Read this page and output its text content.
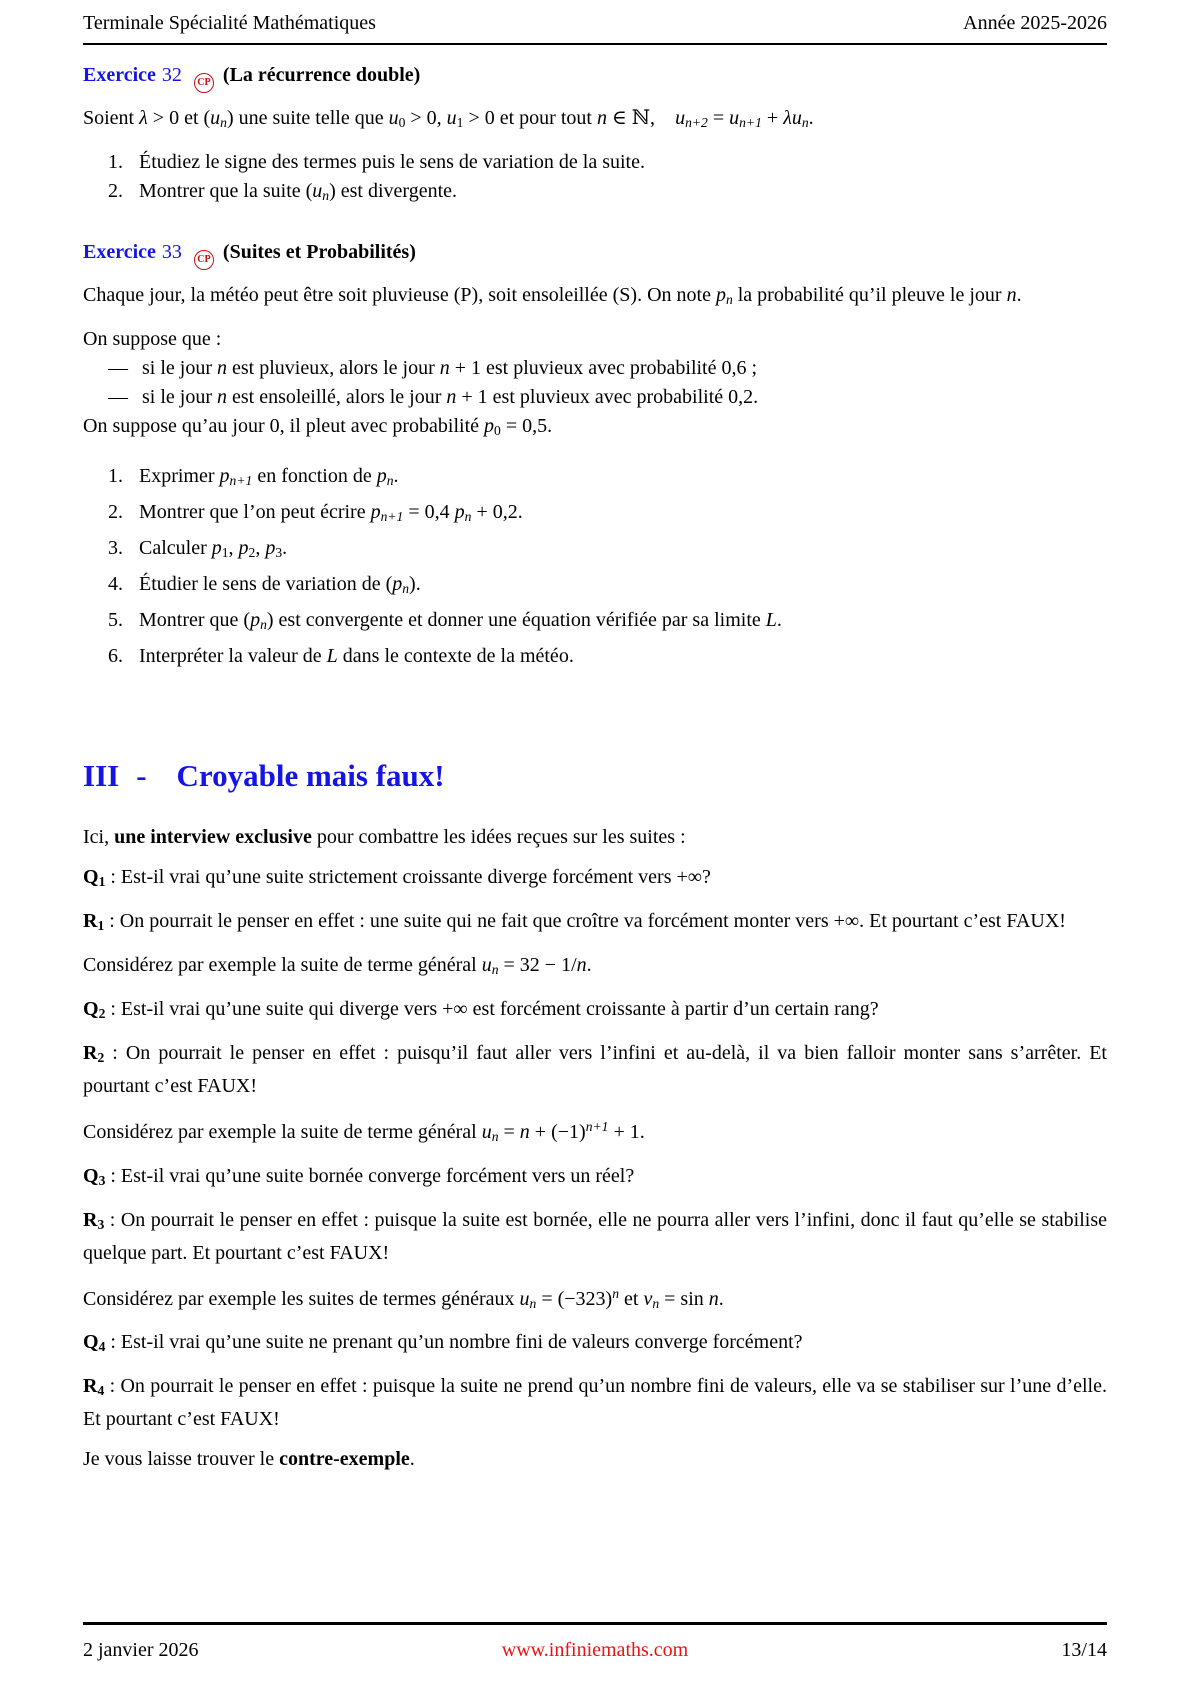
Terminale Spécialité Mathématiques	Année 2025-2026
Exercice 32 CP (La récurrence double)

Soient λ > 0 et (un) une suite telle que u0 > 0, u1 > 0 et pour tout n ∈ ℕ, un+2 = un+1 + λun.

1. Étudiez le signe des termes puis le sens de variation de la suite.
2. Montrer que la suite (un) est divergente.
Exercice 33 CP (Suites et Probabilités)

Chaque jour, la météo peut être soit pluvieuse (P), soit ensoleillée (S). On note pn la probabilité qu’il pleuve le jour n.

On suppose que :

— si le jour n est pluvieux, alors le jour n + 1 est pluvieux avec probabilité 0,6 ;
— si le jour n est ensoleillé, alors le jour n + 1 est pluvieux avec probabilité 0,2.

On suppose qu’au jour 0, il pleut avec probabilité p0 = 0,5.

1. Exprimer pn+1 en fonction de pn.
2. Montrer que l’on peut écrire pn+1 = 0,4 pn + 0,2.
3. Calculer p1, p2, p3.
4. Étudier le sens de variation de (pn).
5. Montrer que (pn) est convergente et donner une équation vérifiée par sa limite L.
6. Interpréter la valeur de L dans le contexte de la météo.
III - Croyable mais faux!

Ici, une interview exclusive pour combattre les idées reçues sur les suites :

Q1 : Est-il vrai qu’une suite strictement croissante diverge forcément vers +∞?

R1 : On pourrait le penser en effet : une suite qui ne fait que croître va forcément monter vers +∞. Et pourtant c’est FAUX!

Considérez par exemple la suite de terme général un = 32 − 1/n.

Q2 : Est-il vrai qu’une suite qui diverge vers +∞ est forcément croissante à partir d’un certain rang?

R2 : On pourrait le penser en effet : puisqu’il faut aller vers l’infini et au-delà, il va bien falloir monter sans s’arrêter. Et pourtant c’est FAUX!

Considérez par exemple la suite de terme général un = $n + (-1)^{n+1} + 1$.

Q3 : Est-il vrai qu’une suite bornée converge forcément vers un réel?

R3 : On pourrait le penser en effet : puisque la suite est bornée, elle ne pourra aller vers l’infini, donc il faut qu’elle se stabilise quelque part. Et pourtant c’est FAUX!

Considérez par exemple les suites de termes généraux un = $(-323)^n$ et vn = sin n.

Q4 : Est-il vrai qu’une suite ne prenant qu’un nombre fini de valeurs converge forcément?

R4 : On pourrait le penser en effet : puisque la suite ne prend qu’un nombre fini de valeurs, elle va se stabiliser sur l’une d’elle. Et pourtant c’est FAUX!

Je vous laisse trouver le contre-exemple.

2 janvier 2026	www.infiniemaths.com	13/14
